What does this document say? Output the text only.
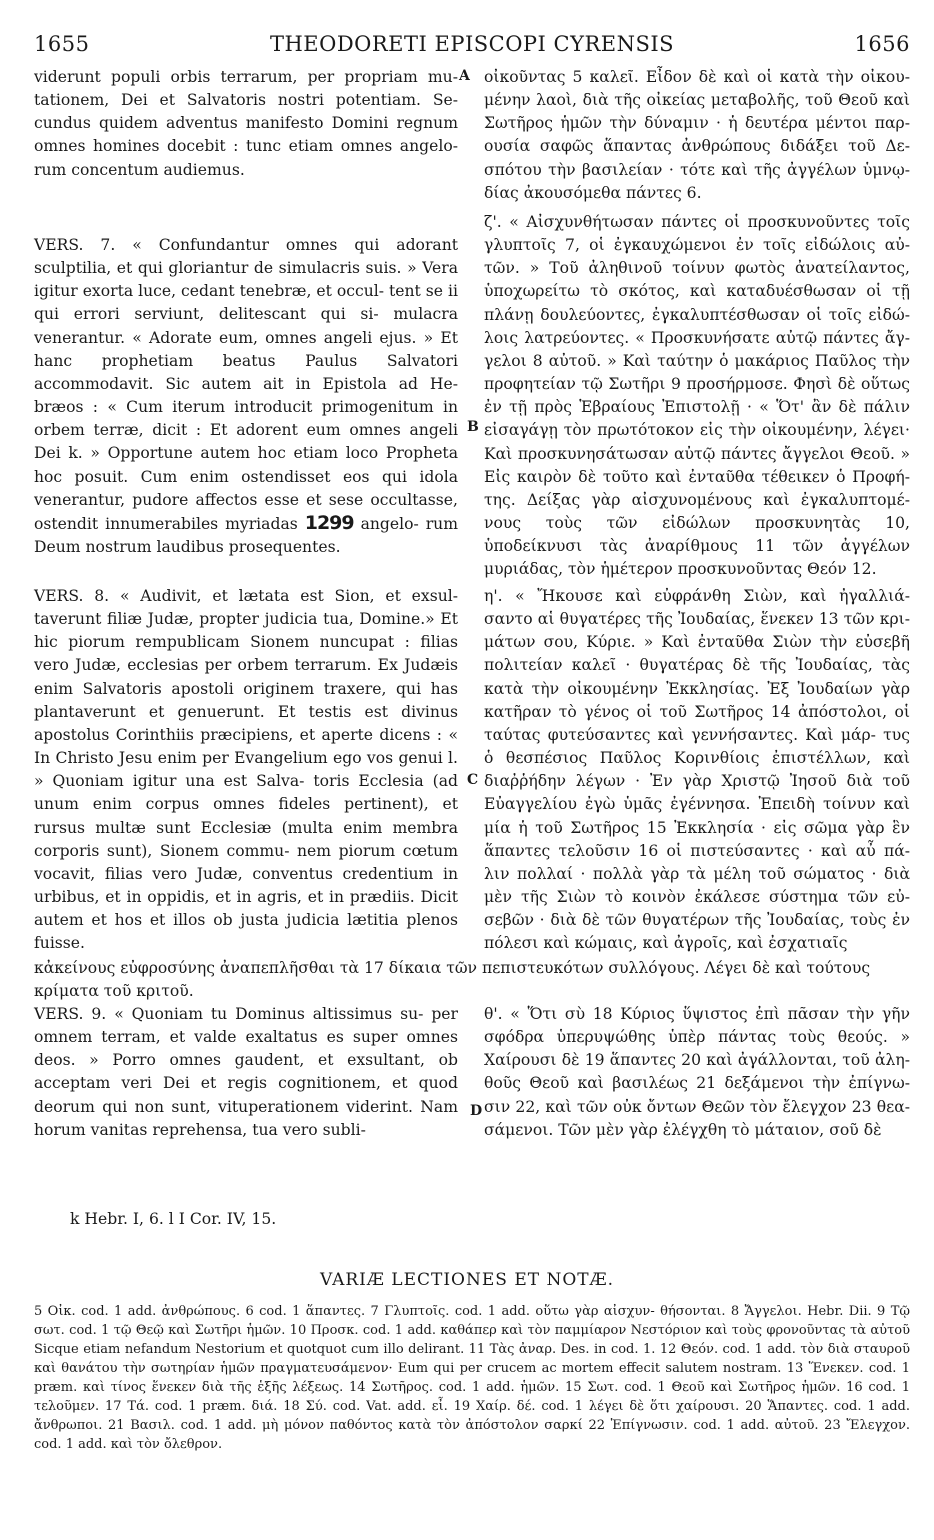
1655	THEODORETI EPISCOPI CYRENSIS	1656
A
B
C
D

viderunt populi orbis terrarum, per propriam mu- tationem, Dei et Salvatoris nostri potentiam. Se- cundus quidem adventus manifesto Domini regnum omnes homines docebit : tunc etiam omnes angelo- rum concentum audiemus.

VERS. 7. « Confundantur omnes qui adorant sculptilia, et qui gloriantur de simulacris suis. » Vera igitur exorta luce, cedant tenebræ, et occul- tent se ii qui errori serviunt, delitescant qui si- mulacra venerantur. « Adorate eum, omnes angeli ejus. » Et hanc prophetiam beatus Paulus Salvatori accommodavit. Sic autem ait in Epistola ad He- bræos : « Cum iterum introducit primogenitum in orbem terræ, dicit : Et adorent eum omnes angeli Dei k. » Opportune autem hoc etiam loco Propheta hoc posuit. Cum enim ostendisset eos qui idola venerantur, pudore affectos esse et sese occultasse, ostendit innumerabiles myriadas 1299 angelo- rum Deum nostrum laudibus prosequentes.

VERS. 8. « Audivit, et lætata est Sion, et exsul- taverunt filiæ Judæ, propter judicia tua, Domine.» Et hic piorum rempublicam Sionem nuncupat : filias vero Judæ, ecclesias per orbem terrarum. Ex Judæis enim Salvatoris apostoli originem traxere, qui has plantaverunt et genuerunt. Et testis est divinus apostolus Corinthiis præcipiens, et aperte dicens : « In Christo Jesu enim per Evangelium ego vos genui l. » Quoniam igitur una est Salva- toris Ecclesia (ad unum enim corpus omnes fideles pertinent), et rursus multæ sunt Ecclesiæ (multa enim membra corporis sunt), Sionem commu- nem piorum cœtum vocavit, filias vero Judæ, conventus credentium in urbibus, et in oppidis, et in agris, et in prædiis. Dicit autem et hos et illos ob justa judicia lætitia plenos fuisse.

VERS. 9. « Quoniam tu Dominus altissimus su- per omnem terram, et valde exaltatus es super omnes deos. » Porro omnes gaudent, et exsultant, ob acceptam veri Dei et regis cognitionem, et quod deorum qui non sunt, vituperationem viderint. Nam horum vanitas reprehensa, tua vero subli-

οἰκοῦντας 5 καλεῖ. Εἶδον δὲ καὶ οἱ κατὰ τὴν οἰκου- μένην λαοὶ, διὰ τῆς οἰκείας μεταβολῆς, τοῦ Θεοῦ καὶ Σωτῆρος ἡμῶν τὴν δύναμιν · ἡ δευτέρα μέντοι παρ- ουσία σαφῶς ἅπαντας ἀνθρώπους διδάξει τοῦ Δε- σπότου τὴν βασιλείαν · τότε καὶ τῆς ἀγγέλων ὑμνῳ- δίας ἀκουσόμεθα πάντες 6.

ζ'. « Αἰσχυνθήτωσαν πάντες οἱ προσκυνοῦντες τοῖς γλυπτοῖς 7, οἱ ἐγκαυχώμενοι ἐν τοῖς εἰδώλοις αὐ- τῶν. » Τοῦ ἀληθινοῦ τοίνυν φωτὸς ἀνατείλαντος, ὑποχωρείτω τὸ σκότος, καὶ καταδυέσθωσαν οἱ τῇ πλάνῃ δουλεύοντες, ἐγκαλυπτέσθωσαν οἱ τοῖς εἰδώ- λοις λατρεύοντες. « Προσκυνήσατε αὐτῷ πάντες ἄγ- γελοι 8 αὐτοῦ. » Καὶ ταύτην ὁ μακάριος Παῦλος τὴν προφητείαν τῷ Σωτῆρι 9 προσήρμοσε. Φησὶ δὲ οὕτως ἐν τῇ πρὸς Ἑβραίους Ἐπιστολῇ · « Ὅτ' ἂν δὲ πάλιν εἰσαγάγῃ τὸν πρωτότοκον εἰς τὴν οἰκουμένην, λέγει· Καὶ προσκυνησάτωσαν αὐτῷ πάντες ἄγγελοι Θεοῦ. » Εἰς καιρὸν δὲ τοῦτο καὶ ἐνταῦθα τέθεικεν ὁ Προφή- της. Δείξας γὰρ αἰσχυνομένους καὶ ἐγκαλυπτομέ- νους τοὺς τῶν εἰδώλων προσκυνητὰς 10, ὑποδείκνυσι τὰς ἀναρίθμους 11 τῶν ἀγγέλων μυριάδας, τὸν ἡμέτερον προσκυνοῦντας Θεόν 12.

η'. « Ἤκουσε καὶ εὐφράνθη Σιὼν, καὶ ἠγαλλιά- σαντο αἱ θυγατέρες τῆς Ἰουδαίας, ἕνεκεν 13 τῶν κρι- μάτων σου, Κύριε. » Καὶ ἐνταῦθα Σιὼν τὴν εὐσεβῆ πολιτείαν καλεῖ · θυγατέρας δὲ τῆς Ἰουδαίας, τὰς κατὰ τὴν οἰκουμένην Ἐκκλησίας. Ἐξ Ἰουδαίων γὰρ κατῆραν τὸ γένος οἱ τοῦ Σωτῆρος 14 ἀπόστολοι, οἱ ταύτας φυτεύσαντες καὶ γεννήσαντες. Καὶ μάρ- τυς ὁ θεσπέσιος Παῦλος Κορινθίοις ἐπιστέλλων, καὶ διαῤῥήδην λέγων · Ἐν γὰρ Χριστῷ Ἰησοῦ διὰ τοῦ Εὐαγγελίου ἐγὼ ὑμᾶς ἐγέννησα. Ἐπειδὴ τοίνυν καὶ μία ἡ τοῦ Σωτῆρος 15 Ἐκκλησία · εἰς σῶμα γὰρ ἓν ἅπαντες τελοῦσιν 16 οἱ πιστεύσαντες · καὶ αὖ πά- λιν πολλαί · πολλὰ γὰρ τὰ μέλη τοῦ σώματος · διὰ μὲν τῆς Σιὼν τὸ κοινὸν ἐκάλεσε σύστημα τῶν εὐ- σεβῶν · διὰ δὲ τῶν θυγατέρων τῆς Ἰουδαίας, τοὺς ἐν πόλεσι καὶ κώμαις, καὶ ἀγροῖς, καὶ ἐσχατιαῖς

κἀκείνους εὐφροσύνης ἀναπεπλῆσθαι τὰ 17 δίκαια τῶν πεπιστευκότων συλλόγους. Λέγει δὲ καὶ τούτους κρίματα τοῦ κριτοῦ.

θ'. « Ὅτι σὺ 18 Κύριος ὕψιστος ἐπὶ πᾶσαν τὴν γῆν σφόδρα ὑπερυψώθης ὑπὲρ πάντας τοὺς θεούς. » Χαίρουσι δὲ 19 ἅπαντες 20 καὶ ἀγάλλονται, τοῦ ἀλη- θοῦς Θεοῦ καὶ βασιλέως 21 δεξάμενοι τὴν ἐπίγνω- σιν 22, καὶ τῶν οὐκ ὄντων Θεῶν τὸν ἔλεγχον 23 θεα- σάμενοι. Τῶν μὲν γὰρ ἐλέγχθη τὸ μάταιον, σοῦ δὲ

k Hebr. I, 6. l I Cor. IV, 15.
VARIÆ LECTIONES ET NOTÆ.

5 Οἰκ. cod. 1 add. ἀνθρώπους. 6 cod. 1 ἅπαντες. 7 Γλυπτοῖς. cod. 1 add. οὕτω γὰρ αἰσχυν- θήσονται. 8 Ἄγγελοι. Hebr. Dii. 9 Τῷ σωτ. cod. 1 τῷ Θεῷ καὶ Σωτῆρι ἡμῶν. 10 Προσκ. cod. 1 add. καθάπερ καὶ τὸν παμμίαρον Νεστόριον καὶ τοὺς φρονοῦντας τὰ αὐτοῦ Sicque etiam nefandum Nestorium et quotquot cum illo delirant. 11 Τὰς ἀναρ. Des. in cod. 1. 12 Θεόν. cod. 1 add. τὸν διὰ σταυροῦ καὶ θανάτου τὴν σωτηρίαν ἡμῶν πραγματευσάμενον· Eum qui per crucem ac mortem effecit salutem nostram. 13 Ἕνεκεν. cod. 1 præm. καὶ τίνος ἕνεκεν διὰ τῆς ἑξῆς λέξεως. 14 Σωτῆρος. cod. 1 add. ἡμῶν. 15 Σωτ. cod. 1 Θεοῦ καὶ Σωτῆρος ἡμῶν. 16 cod. 1 τελοῦμεν. 17 Τά. cod. 1 præm. διά. 18 Σύ. cod. Vat. add. εἶ. 19 Χαίρ. δέ. cod. 1 λέγει δὲ ὅτι χαίρουσι. 20 Ἅπαντες. cod. 1 add. ἄνθρωποι. 21 Βασιλ. cod. 1 add. μὴ μόνον παθόντος κατὰ τὸν ἀπόστολον σαρκί 22 Ἐπίγνωσιν. cod. 1 add. αὐτοῦ. 23 Ἔλεγχον. cod. 1 add. καὶ τὸν ὄλεθρον.
